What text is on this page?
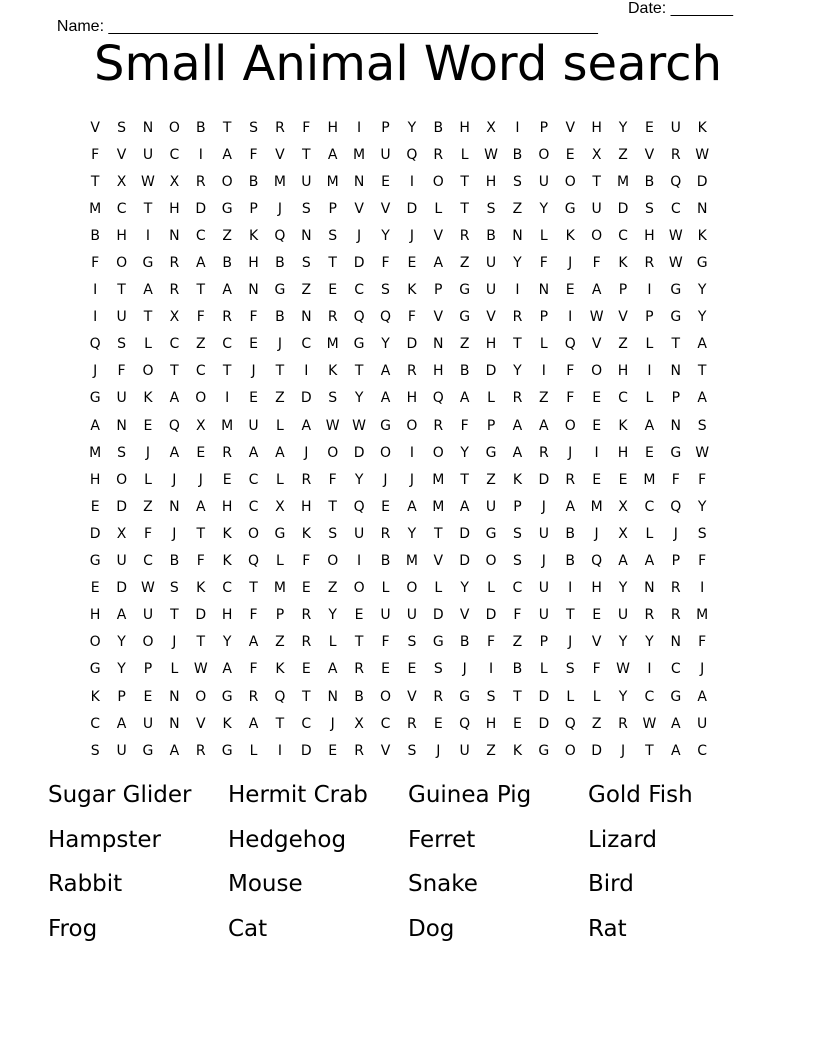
Name: _______________________________________________________

Date: _______

Small Animal Word search
V	S	N	O	B	T	S	R	F	H	I	P	Y	B	H	X	I	P	V	H	Y	E	U	K
F	V	U	C	I	A	F	V	T	A	M	U	Q	R	L	W	B	O	E	X	Z	V	R	W
T	X	W	X	R	O	B	M	U	M	N	E	I	O	T	H	S	U	O	T	M	B	Q	D
M	C	T	H	D	G	P	J	S	P	V	V	D	L	T	S	Z	Y	G	U	D	S	C	N
B	H	I	N	C	Z	K	Q	N	S	J	Y	J	V	R	B	N	L	K	O	C	H	W	K
F	O	G	R	A	B	H	B	S	T	D	F	E	A	Z	U	Y	F	J	F	K	R	W	G
I	T	A	R	T	A	N	G	Z	E	C	S	K	P	G	U	I	N	E	A	P	I	G	Y
I	U	T	X	F	R	F	B	N	R	Q	Q	F	V	G	V	R	P	I	W	V	P	G	Y
Q	S	L	C	Z	C	E	J	C	M	G	Y	D	N	Z	H	T	L	Q	V	Z	L	T	A
J	F	O	T	C	T	J	T	I	K	T	A	R	H	B	D	Y	I	F	O	H	I	N	T
G	U	K	A	O	I	E	Z	D	S	Y	A	H	Q	A	L	R	Z	F	E	C	L	P	A
A	N	E	Q	X	M	U	L	A	W W	G	O	R	F	P	A	A	O	E	K	A	N	S
M	S	J	A	E	R	A	A	J	O	D	O	I	O	Y	G	A	R	J	I	H	E	G	W
H	O	L	J	J	E	C	L	R	F	Y	J	J	M	T	Z	K	D	R	E	E	M	F	F
E	D	Z	N	A	H	C	X	H	T	Q	E	A	M	A	U	P	J	A	M	X	C	Q	Y
D	X	F	J	T	K	O	G	K	S	U	R	Y	T	D	G	S	U	B	J	X	L	J	S
G	U	C	B	F	K	Q	L	F	O	I	B	M	V	D	O	S	J	B	Q	A	A	P	F
E	D	W	S	K	C	T	M	E	Z	O	L	O	L	Y	L	C	U	I	H	Y	N	R	I
H	A	U	T	D	H	F	P	R	Y	E	U	U	D	V	D	F	U	T	E	U	R	R	M
O	Y	O	J	T	Y	A	Z	R	L	T	F	S	G	B	F	Z	P	J	V	Y	Y	N	F
G	Y	P	L	W	A	F	K	E	A	R	E	E	S	J	I	B	L	S	F	W	I	C	J
K	P	E	N	O	G	R	Q	T	N	B	O	V	R	G	S	T	D	L	L	Y	C	G	A
C	A	U	N	V	K	A	T	C	J	X	C	R	E	Q	H	E	D	Q	Z	R	W	A	U
S	U	G	A	R	G	L	I	D	E	R	V	S	J	U	Z	K	G	O	D	J	T	A	C
Sugar Glider	Hermit Crab	Guinea Pig	Gold Fish
Hampster	Hedgehog	Ferret	Lizard
Rabbit	Mouse	Snake	Bird
Frog	Cat	Dog	Rat
